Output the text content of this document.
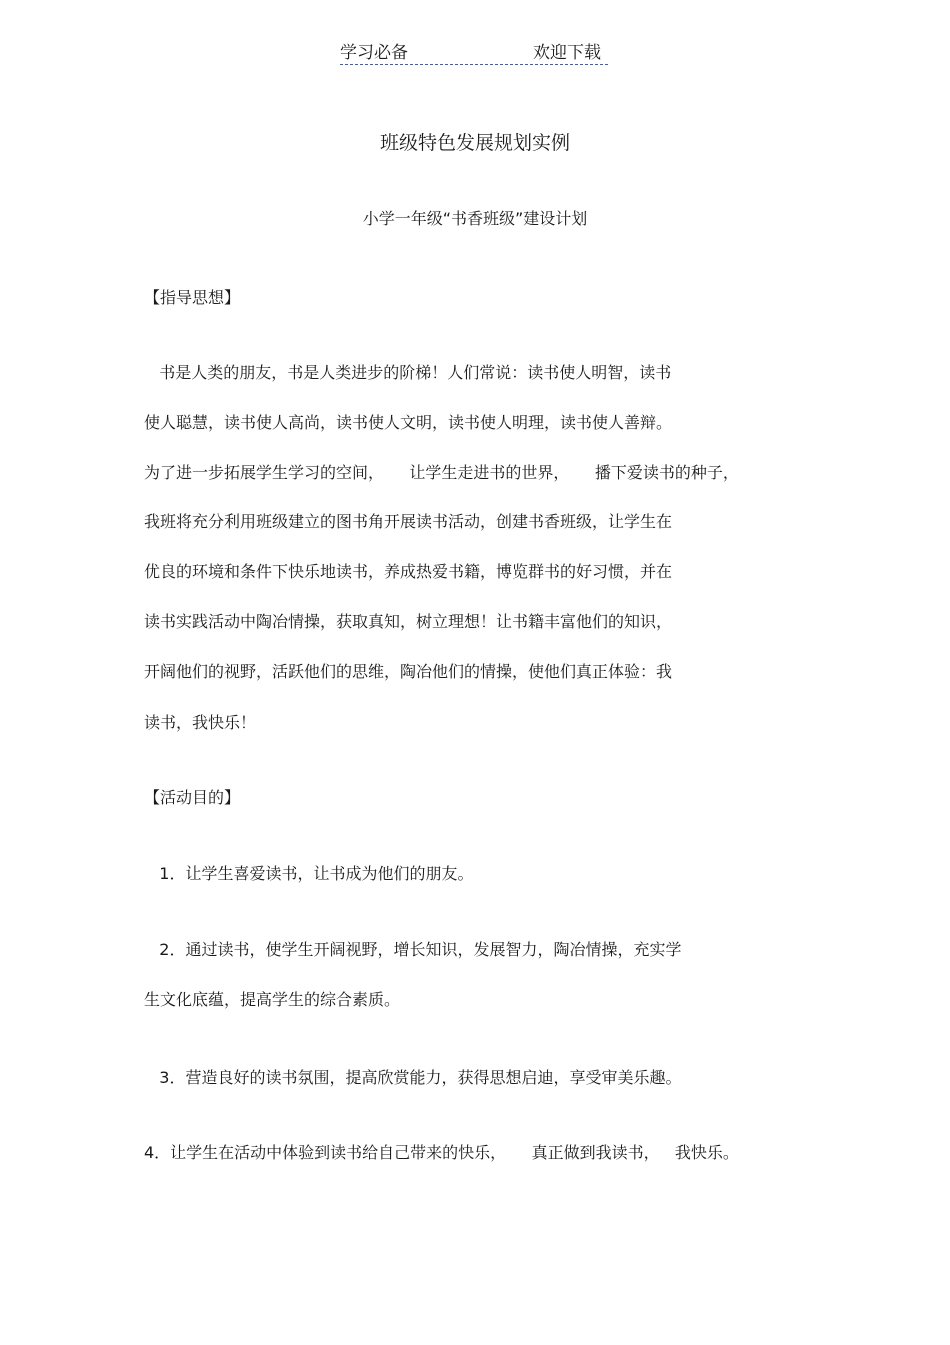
学习必备	欢迎下载
班级特色发展规划实例
小学一年级“书香班级”建设计划
【指导思想】
书是人类的朋友，书是人类进步的阶梯！人们常说：读书使人明智，读书
使人聪慧，读书使人高尚，读书使人文明，读书使人明理，读书使人善辩。
为了进一步拓展学生学习的空间，     让学生走进书的世界，     播下爱读书的种子，
我班将充分利用班级建立的图书角开展读书活动，创建书香班级，让学生在
优良的环境和条件下快乐地读书，养成热爱书籍，博览群书的好习惯，并在
读书实践活动中陶冶情操，获取真知，树立理想！让书籍丰富他们的知识，
开阔他们的视野，活跃他们的思维，陶冶他们的情操，使他们真正体验：我
读书，我快乐！
【活动目的】
1．让学生喜爱读书，让书成为他们的朋友。
2．通过读书，使学生开阔视野，增长知识，发展智力，陶冶情操，充实学
生文化底蕴，提高学生的综合素质。
3．营造良好的读书氛围，提高欣赏能力，获得思想启迪，享受审美乐趣。
4．让学生在活动中体验到读书给自己带来的快乐，     真正做到我读书，   我快乐。
